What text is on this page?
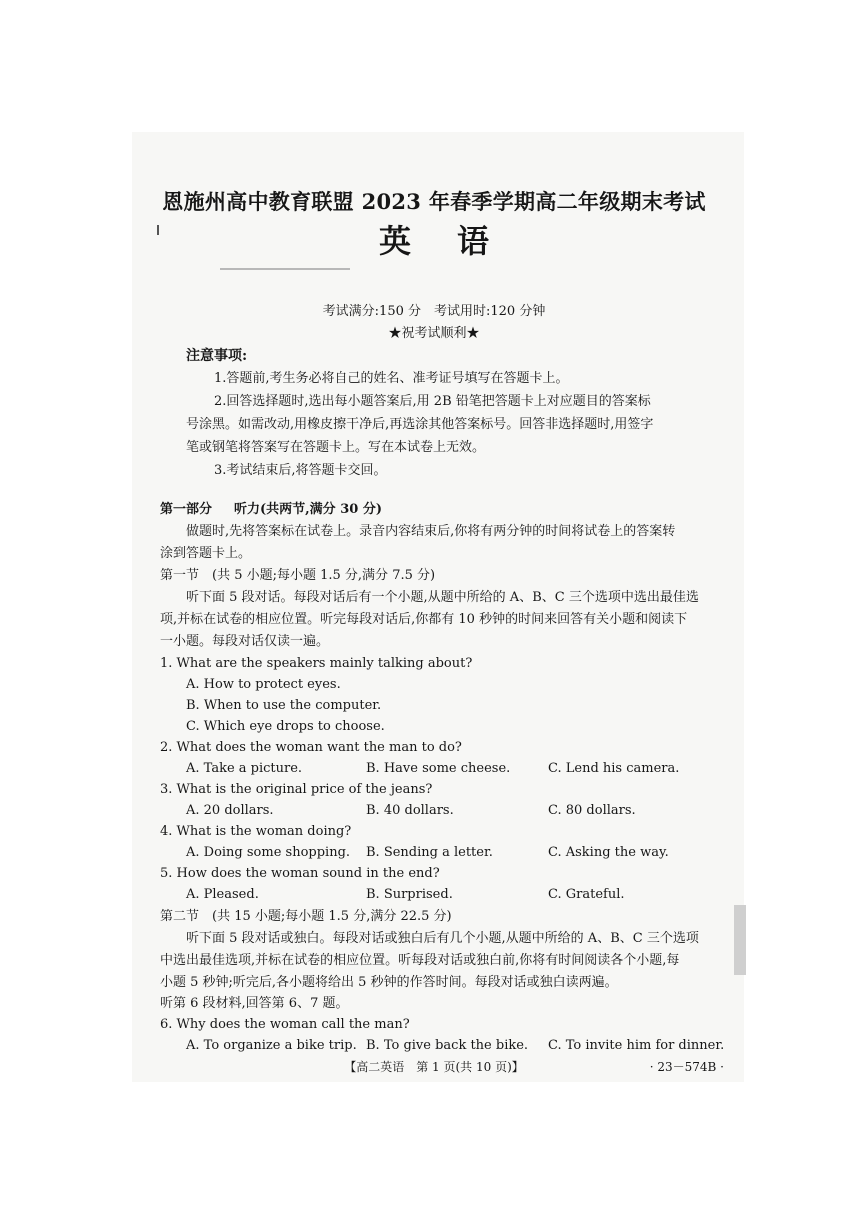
恩施州高中教育联盟 2023 年春季学期高二年级期末考试
英语
考试满分:150 分　考试用时:120 分钟
★祝考试顺利★
注意事项:
1.答题前,考生务必将自己的姓名、准考证号填写在答题卡上。
2.回答选择题时,选出每小题答案后,用 2B 铅笔把答题卡上对应题目的答案标
号涂黑。如需改动,用橡皮擦干净后,再选涂其他答案标号。回答非选择题时,用签字
笔或钢笔将答案写在答题卡上。写在本试卷上无效。
3.考试结束后,将答题卡交回。
第一部分 听力(共两节,满分 30 分)
做题时,先将答案标在试卷上。录音内容结束后,你将有两分钟的时间将试卷上的答案转
涂到答题卡上。
第一节　(共 5 小题;每小题 1.5 分,满分 7.5 分)
听下面 5 段对话。每段对话后有一个小题,从题中所给的 A、B、C 三个选项中选出最佳选
项,并标在试卷的相应位置。听完每段对话后,你都有 10 秒钟的时间来回答有关小题和阅读下
一小题。每段对话仅读一遍。
1. What are the speakers mainly talking about?
A. How to protect eyes.
B. When to use the computer.
C. Which eye drops to choose.
2. What does the woman want the man to do?
A. Take a picture.	B. Have some cheese.	C. Lend his camera.
3. What is the original price of the jeans?
A. 20 dollars.	B. 40 dollars.	C. 80 dollars.
4. What is the woman doing?
A. Doing some shopping. B. Sending a letter.	C. Asking the way.
5. How does the woman sound in the end?
A. Pleased.	B. Surprised.	C. Grateful.
第二节　(共 15 小题;每小题 1.5 分,满分 22.5 分)
听下面 5 段对话或独白。每段对话或独白后有几个小题,从题中所给的 A、B、C 三个选项
中选出最佳选项,并标在试卷的相应位置。听每段对话或独白前,你将有时间阅读各个小题,每
小题 5 秒钟;听完后,各小题将给出 5 秒钟的作答时间。每段对话或独白读两遍。
听第 6 段材料,回答第 6、7 题。
6. Why does the woman call the man?
A. To organize a bike trip. B. To give back the bike. C. To invite him for dinner.
【高二英语　第 1 页(共 10 页)】	· 23－574B ·
